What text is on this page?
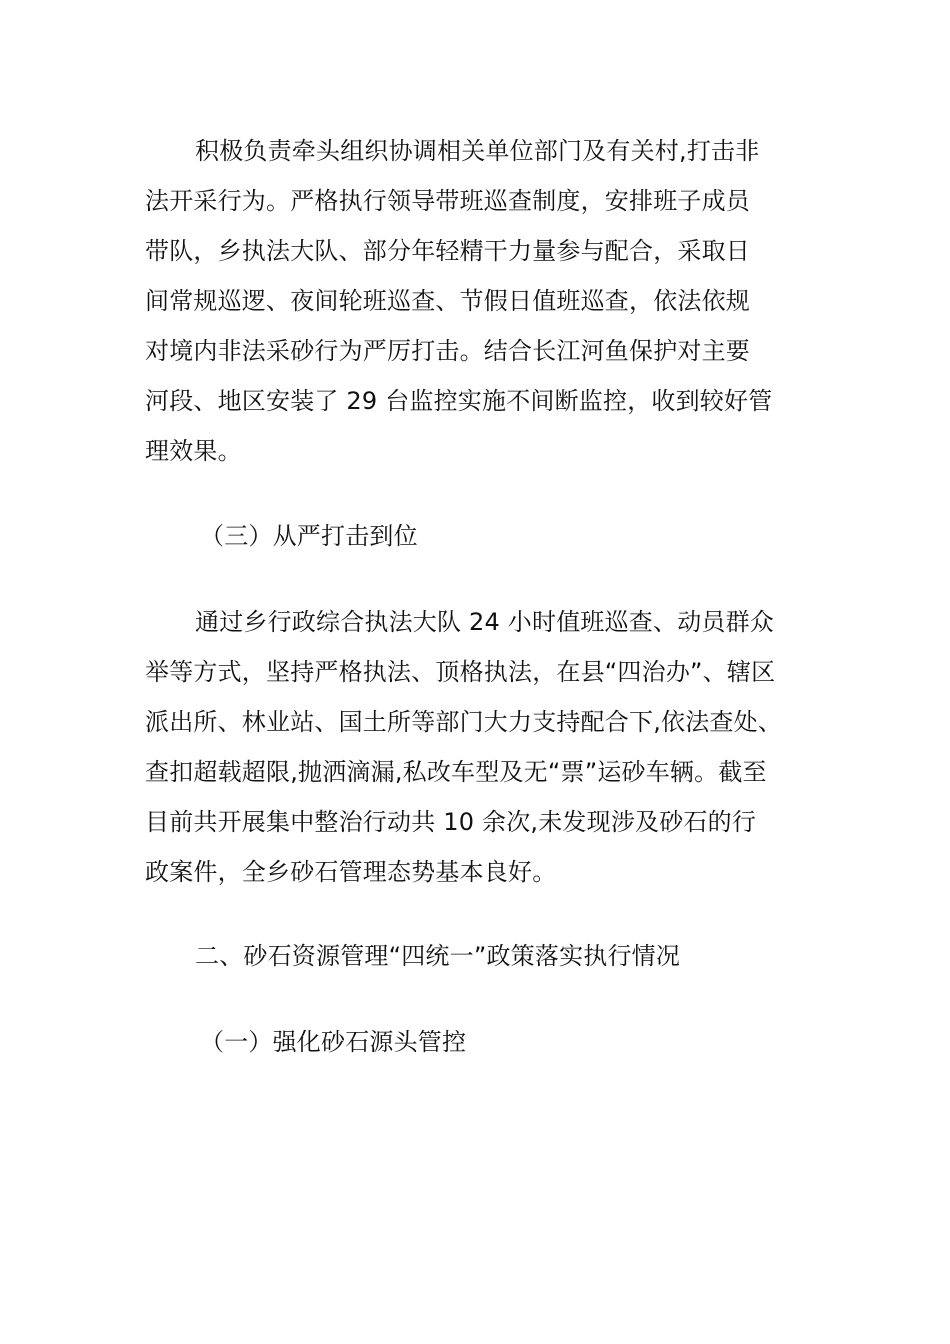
积极负责牵头组织协调相关单位部门及有关村,打击非
法开采行为。严格执行领导带班巡查制度，安排班子成员
带队，乡执法大队、部分年轻精干力量参与配合，采取日
间常规巡逻、夜间轮班巡查、节假日值班巡查，依法依规
对境内非法采砂行为严厉打击。结合长江河鱼保护对主要
河段、地区安装了 29 台监控实施不间断监控，收到较好管
理效果。
（三）从严打击到位
通过乡行政综合执法大队 24 小时值班巡查、动员群众
举等方式，坚持严格执法、顶格执法，在县“四治办”、辖区
派出所、林业站、国土所等部门大力支持配合下,依法查处、
查扣超载超限,抛洒滴漏,私改车型及无“票”运砂车辆。截至
目前共开展集中整治行动共 10 余次,未发现涉及砂石的行
政案件，全乡砂石管理态势基本良好。
二、砂石资源管理“四统一”政策落实执行情况
（一）强化砂石源头管控
